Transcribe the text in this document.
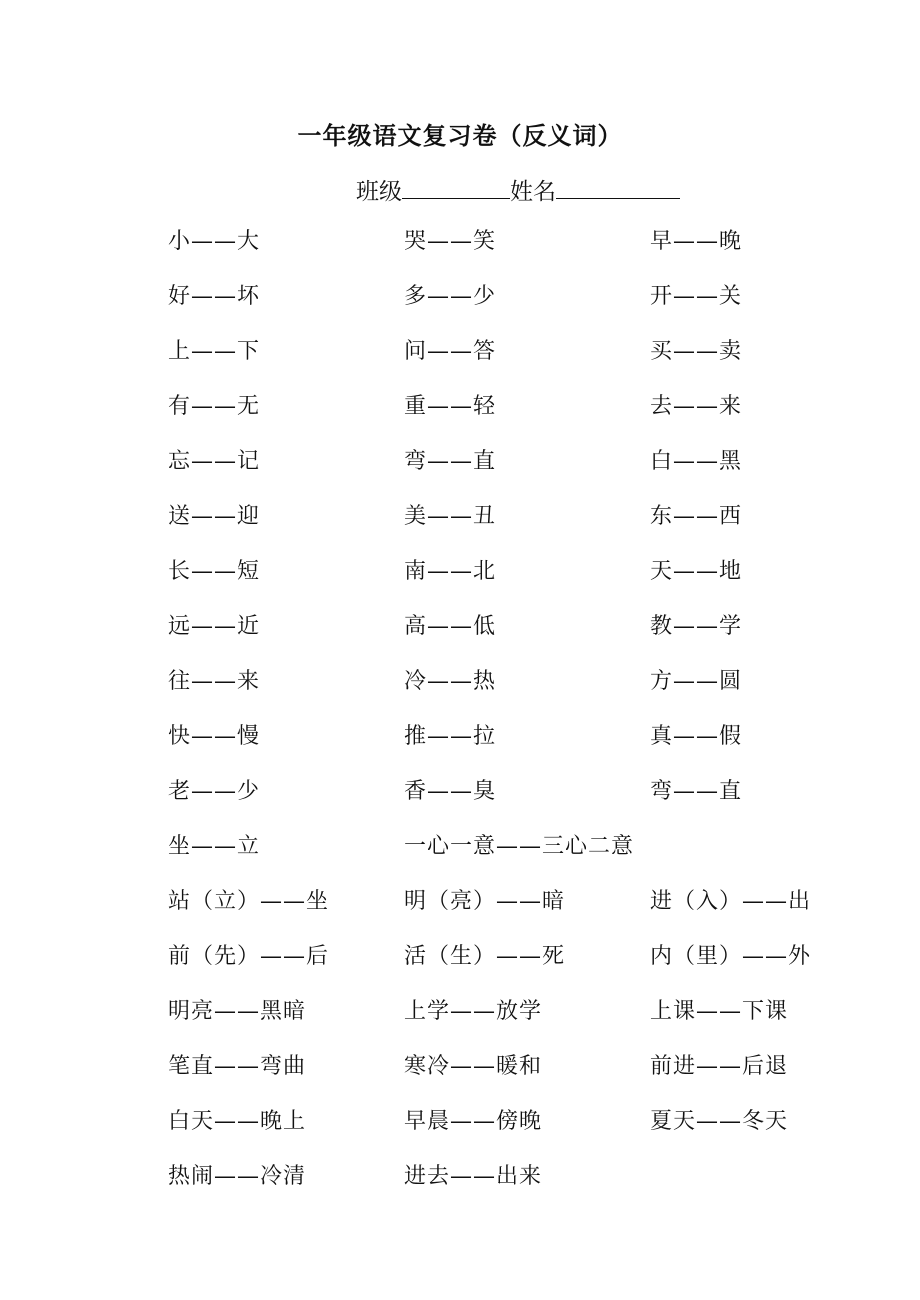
一年级语文复习卷（反义词）
班级	姓名
小——大	哭——笑	早——晚
好——坏	多——少	开——关
上——下	问——答	买——卖
有——无	重——轻	去——来
忘——记	弯——直	白——黑
送——迎	美——丑	东——西
长——短	南——北	天——地
远——近	高——低	教——学
往——来	冷——热	方——圆
快——慢	推——拉	真——假
老——少	香——臭	弯——直
坐——立	一心一意——三心二意
站（立）——坐	明（亮）——暗	进（入）——出
前（先）——后	活（生）——死	内（里）——外
明亮——黑暗	上学——放学	上课——下课
笔直——弯曲	寒冷——暖和	前进——后退
白天——晚上	早晨——傍晚	夏天——冬天
热闹——冷清	进去——出来
